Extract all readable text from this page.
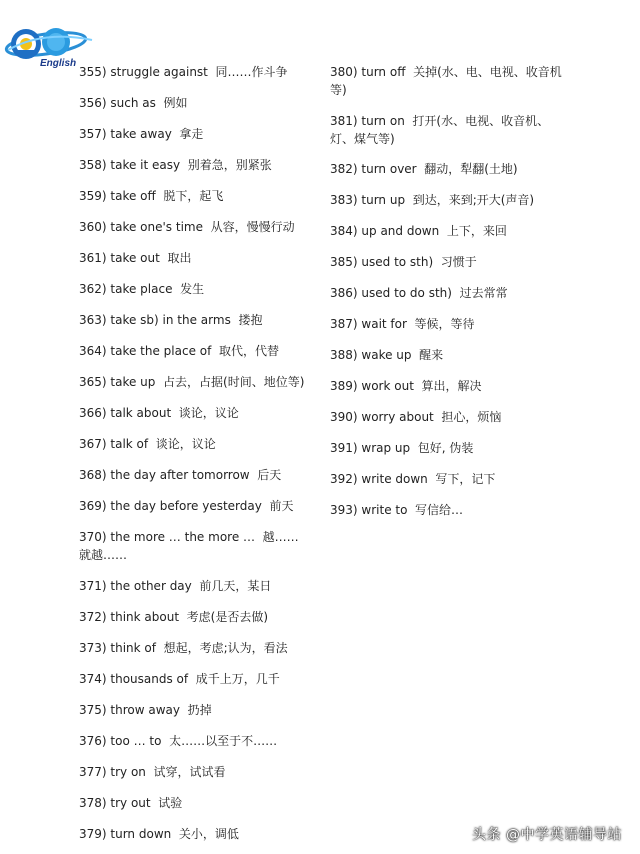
English
355) struggle against  同……作斗争
356) such as  例如
357) take away  拿走
358) take it easy  别着急，别紧张
359) take off  脱下，起飞
360) take one's time  从容，慢慢行动
361) take out  取出
362) take place  发生
363) take sb) in the arms  搂抱
364) take the place of  取代，代替
365) take up  占去，占据(时间、地位等)
366) talk about  谈论，议论
367) talk of  谈论，议论
368) the day after tomorrow  后天
369) the day before yesterday  前天
370) the more … the more …  越……就越……
371) the other day  前几天，某日
372) think about  考虑(是否去做)
373) think of  想起，考虑;认为，看法
374) thousands of  成千上万，几千
375) throw away  扔掉
376) too … to  太……以至于不……
377) try on  试穿，试试看
378) try out  试验
379) turn down  关小，调低
380) turn off  关掉(水、电、电视、收音机等)
381) turn on  打开(水、电视、收音机、灯、煤气等)
382) turn over  翻动，犁翻(土地)
383) turn up  到达，来到;开大(声音)
384) up and down  上下，来回
385) used to sth)  习惯于
386) used to do sth)  过去常常
387) wait for  等候，等待
388) wake up  醒来
389) work out  算出，解决
390) worry about  担心，烦恼
391) wrap up  包好, 伪装
392) write down  写下，记下
393) write to  写信给…
头条 @中学英语辅导站
